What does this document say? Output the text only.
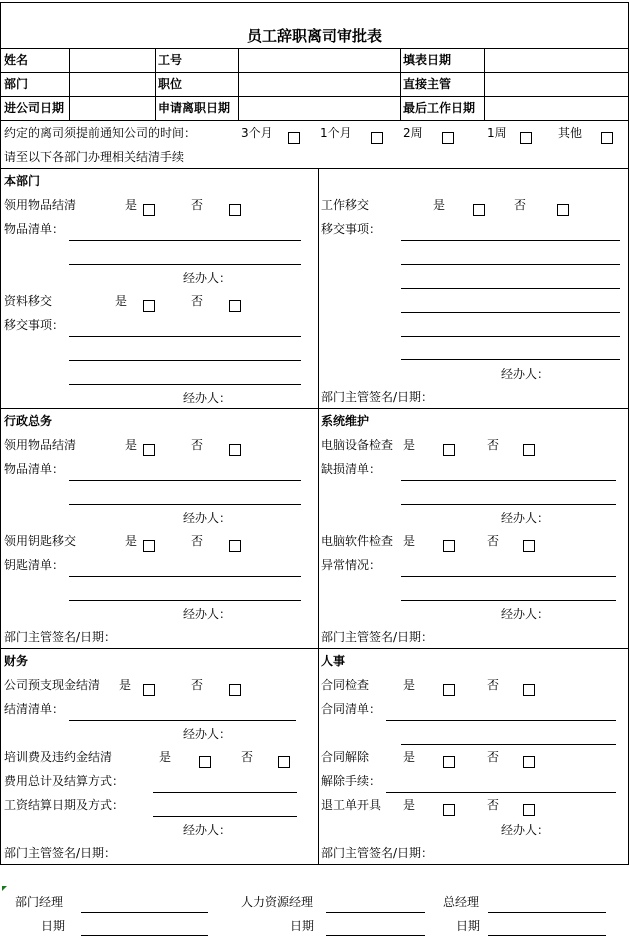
员工辞职离司审批表
姓名	工号	填表日期
部门	职位	直接主管
进公司日期	申请离职日期	最后工作日期
约定的离司须提前通知公司的时间：	3个月	1个月	2周	1周	其他
请至以下各部门办理相关结清手续
本部门
领用物品结清	是	否
物品清单：
经办人：
资料移交	是	否
移交事项：
经办人：
工作移交	是	否
移交事项：
经办人：
部门主管签名/日期：
行政总务
领用物品结清	是	否
物品清单：
经办人：
领用钥匙移交	是	否
钥匙清单：
经办人：
部门主管签名/日期：
系统维护
电脑设备检查 是	否
缺损清单：
经办人：
电脑软件检查 是	否
异常情况：
经办人：
部门主管签名/日期：
财务
公司预支现金结清 是	否
结清清单：
经办人：
培训费及违约金结清	是	否
费用总计及结算方式：
工资结算日期及方式：
经办人：
部门主管签名/日期：
人事
合同检查	是	否
合同清单：
合同解除	是	否
解除手续：
退工单开具 是	否
经办人：
部门主管签名/日期：
部门经理
日期
人力资源经理
日期
总经理
日期
